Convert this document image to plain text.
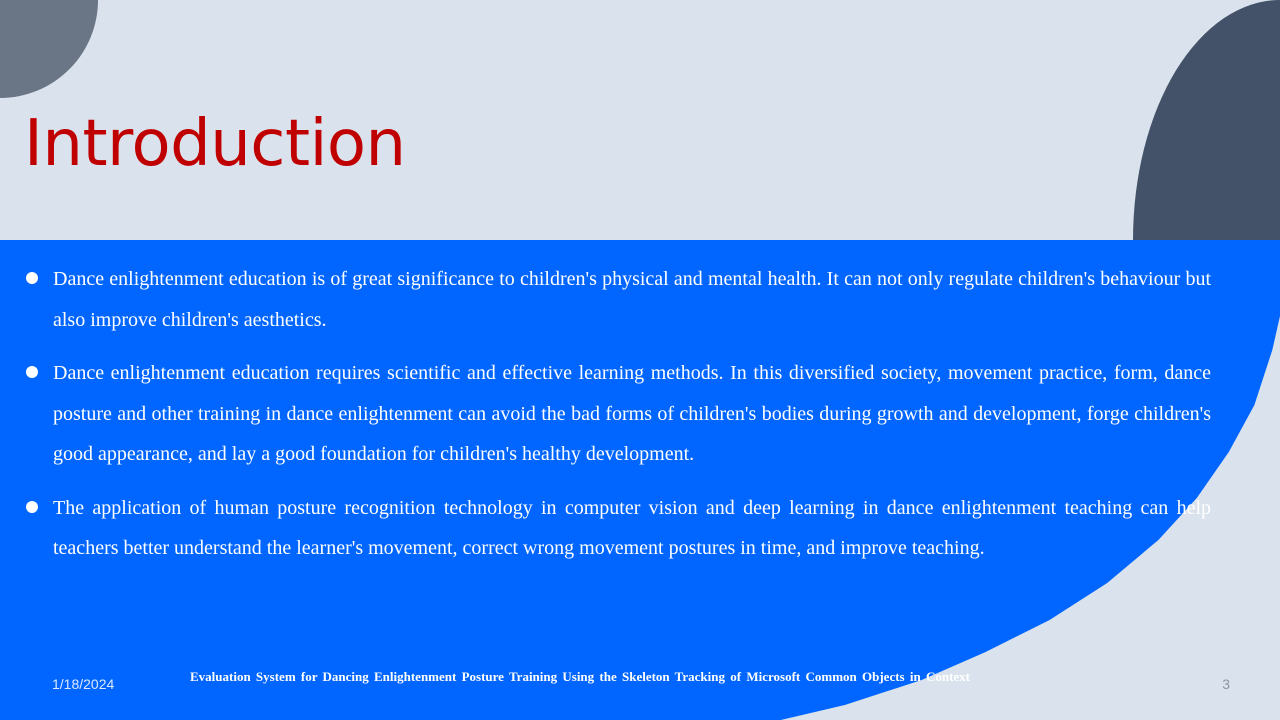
Introduction
Dance enlightenment education is of great significance to children's physical and mental health. It can not only regulate children's behaviour but also improve children's aesthetics.
Dance enlightenment education requires scientific and effective learning methods. In this diversified society, movement practice, form, dance posture and other training in dance enlightenment can avoid the bad forms of children's bodies during growth and development, forge children's good appearance, and lay a good foundation for children's healthy development.
The application of human posture recognition technology in computer vision and deep learning in dance enlightenment teaching can help teachers better understand the learner's movement, correct wrong movement postures in time, and improve teaching.
1/18/2024	Evaluation System for Dancing Enlightenment Posture Training Using the Skeleton Tracking of Microsoft Common Objects in Context	3
